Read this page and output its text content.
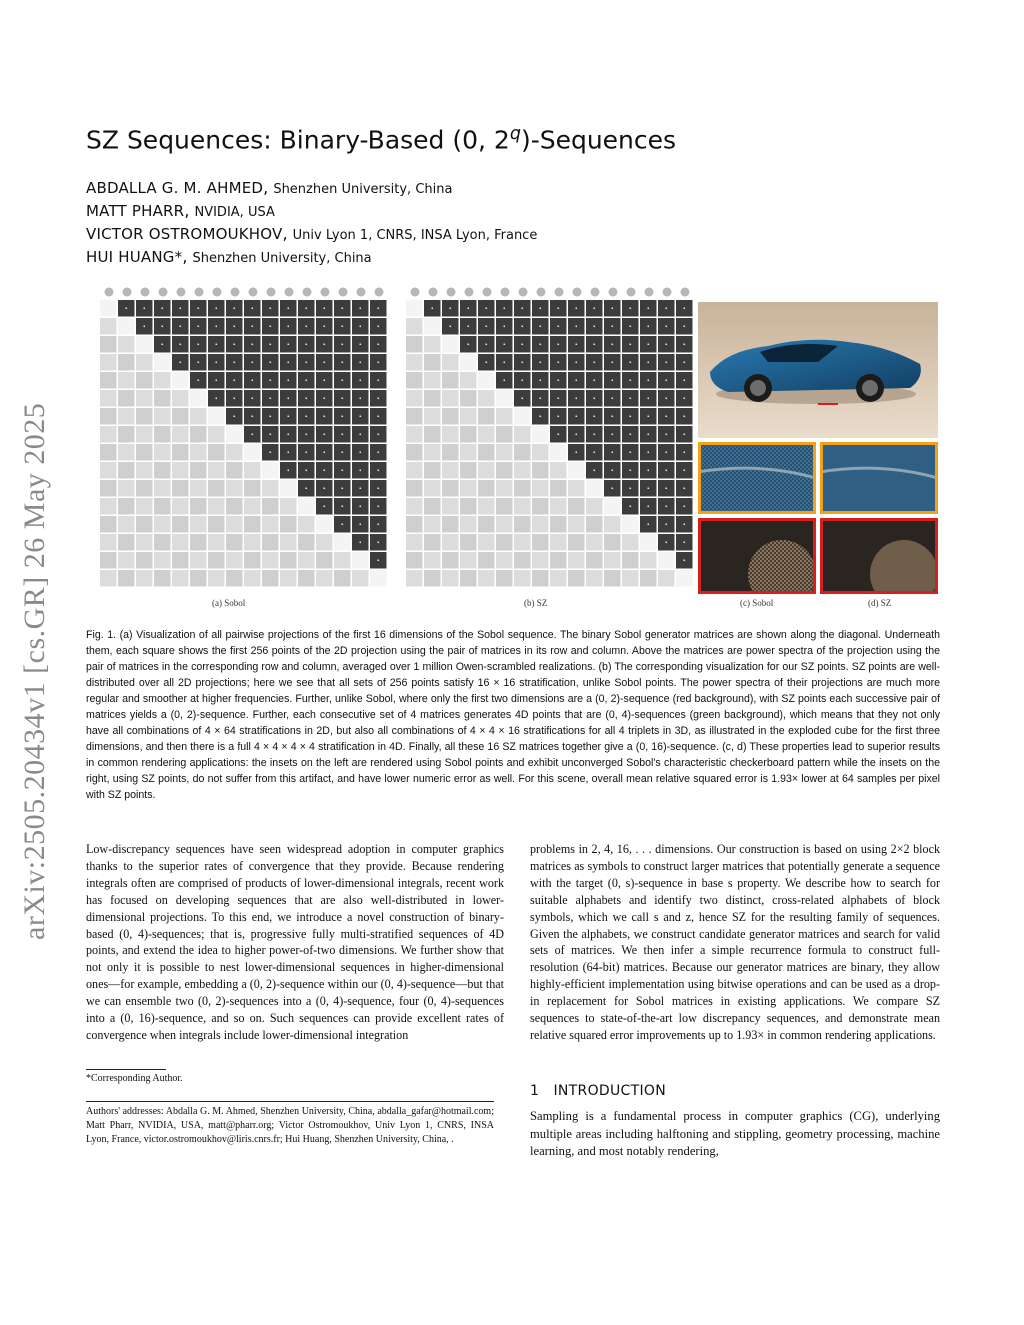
arXiv:2505.20434v1 [cs.GR] 26 May 2025
SZ Sequences: Binary-Based (0, 2$^q$)-Sequences
ABDALLA G. M. AHMED, Shenzhen University, China
MATT PHARR, NVIDIA, USA
VICTOR OSTROMOUKHOV, Univ Lyon 1, CNRS, INSA Lyon, France
HUI HUANG*, Shenzhen University, China
(a) Sobol	(b) SZ	(c) Sobol	(d) SZ
Fig. 1. (a) Visualization of all pairwise projections of the first 16 dimensions of the Sobol sequence. The binary Sobol generator matrices are shown along the diagonal. Underneath them, each square shows the first 256 points of the 2D projection using the pair of matrices in its row and column. Above the matrices are power spectra of the projection using the pair of matrices in the corresponding row and column, averaged over 1 million Owen-scrambled realizations. (b) The corresponding visualization for our SZ points. SZ points are well-distributed over all 2D projections; here we see that all sets of 256 points satisfy 16 × 16 stratification, unlike Sobol points. The power spectra of their projections are much more regular and smoother at higher frequencies. Further, unlike Sobol, where only the first two dimensions are a (0, 2)-sequence (red background), with SZ points each successive pair of matrices yields a (0, 2)-sequence. Further, each consecutive set of 4 matrices generates 4D points that are (0, 4)-sequences (green background), which means that they not only have all combinations of 4 × 64 stratifications in 2D, but also all combinations of 4 × 4 × 16 stratifications for all 4 triplets in 3D, as illustrated in the exploded cube for the first three dimensions, and then there is a full 4 × 4 × 4 × 4 stratification in 4D. Finally, all these 16 SZ matrices together give a (0, 16)-sequence. (c, d) These properties lead to superior results in common rendering applications: the insets on the left are rendered using Sobol points and exhibit unconverged Sobol's characteristic checkerboard pattern while the insets on the right, using SZ points, do not suffer from this artifact, and have lower numeric error as well. For this scene, overall mean relative squared error is 1.93× lower at 64 samples per pixel with SZ points.
Low-discrepancy sequences have seen widespread adoption in computer graphics thanks to the superior rates of convergence that they provide. Because rendering integrals often are comprised of products of lower-dimensional integrals, recent work has focused on developing sequences that are also well-distributed in lower-dimensional projections. To this end, we introduce a novel construction of binary-based (0, 4)-sequences; that is, progressive fully multi-stratified sequences of 4D points, and extend the idea to higher power-of-two dimensions. We further show that not only it is possible to nest lower-dimensional sequences in higher-dimensional ones—for example, embedding a (0, 2)-sequence within our (0, 4)-sequence—but that we can ensemble two (0, 2)-sequences into a (0, 4)-sequence, four (0, 4)-sequences into a (0, 16)-sequence, and so on. Such sequences can provide excellent rates of convergence when integrals include lower-dimensional integration
problems in 2, 4, 16, . . . dimensions. Our construction is based on using 2×2 block matrices as symbols to construct larger matrices that potentially generate a sequence with the target (0, s)-sequence in base s property. We describe how to search for suitable alphabets and identify two distinct, cross-related alphabets of block symbols, which we call s and z, hence SZ for the resulting family of sequences. Given the alphabets, we construct candidate generator matrices and search for valid sets of matrices. We then infer a simple recurrence formula to construct full-resolution (64-bit) matrices. Because our generator matrices are binary, they allow highly-efficient implementation using bitwise operations and can be used as a drop-in replacement for Sobol matrices in existing applications. We compare SZ sequences to state-of-the-art low discrepancy sequences, and demonstrate mean relative squared error improvements up to 1.93× in common rendering applications.
*Corresponding Author.
Authors' addresses: Abdalla G. M. Ahmed, Shenzhen University, China, abdalla_gafar@hotmail.com; Matt Pharr, NVIDIA, USA, matt@pharr.org; Victor Ostromoukhov, Univ Lyon 1, CNRS, INSA Lyon, France, victor.ostromoukhov@liris.cnrs.fr; Hui Huang, Shenzhen University, China, .
1 INTRODUCTION
Sampling is a fundamental process in computer graphics (CG), underlying multiple areas including halftoning and stippling, geometry processing, machine learning, and most notably rendering,
